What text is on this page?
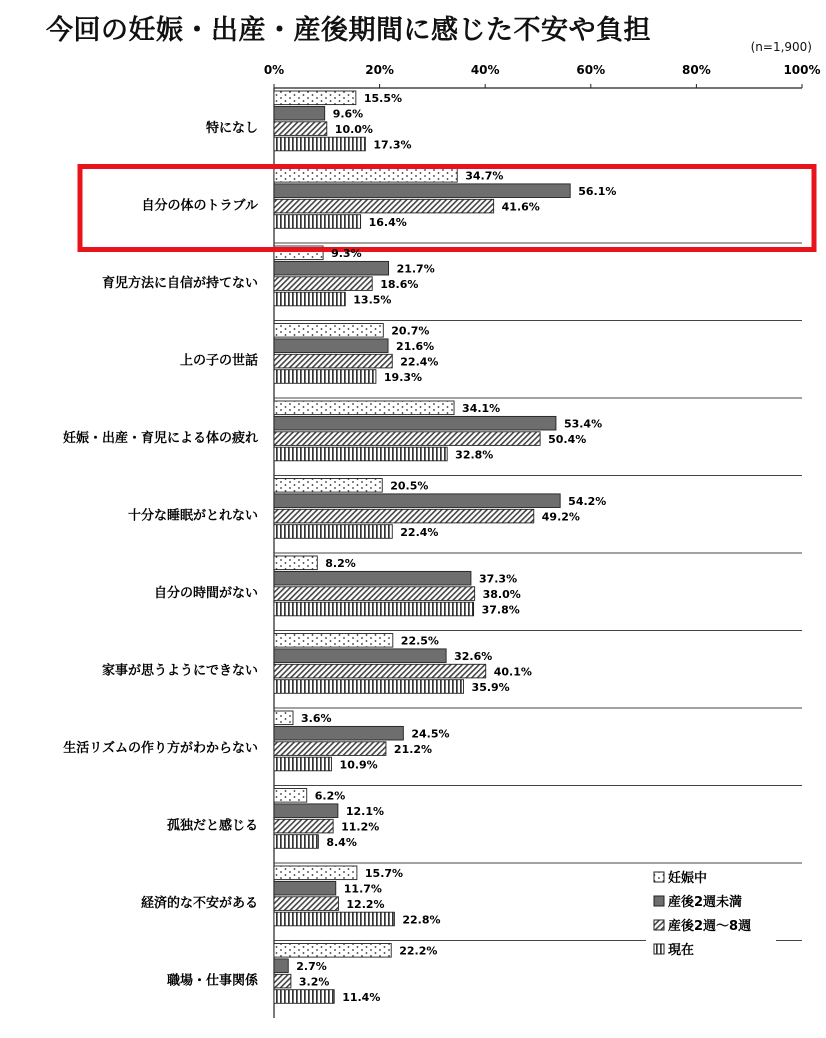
今回の妊娠・出産・産後期間に感じた不安や負担
(n=1,900)
0%	20%	40%	60%	80%	100%
特になし
15.5%
9.6%
10.0%
17.3%
自分の体のトラブル
34.7%
56.1%
41.6%
16.4%
育児方法に自信が持てない
9.3%
21.7%
18.6%
13.5%
上の子の世話
20.7%
21.6%
22.4%
19.3%
妊娠・出産・育児による体の疲れ
34.1%
53.4%
50.4%
32.8%
十分な睡眠がとれない
20.5%
54.2%
49.2%
22.4%
自分の時間がない
8.2%
37.3%
38.0%
37.8%
家事が思うようにできない
22.5%
32.6%
40.1%
35.9%
生活リズムの作り方がわからない
3.6%
24.5%
21.2%
10.9%
孤独だと感じる
6.2%
12.1%
11.2%
8.4%
経済的な不安がある
15.7%
11.7%
12.2%
22.8%
職場・仕事関係
22.2%
2.7%
3.2%
11.4%
妊娠中
産後2週未満
産後2週～8週
現在
